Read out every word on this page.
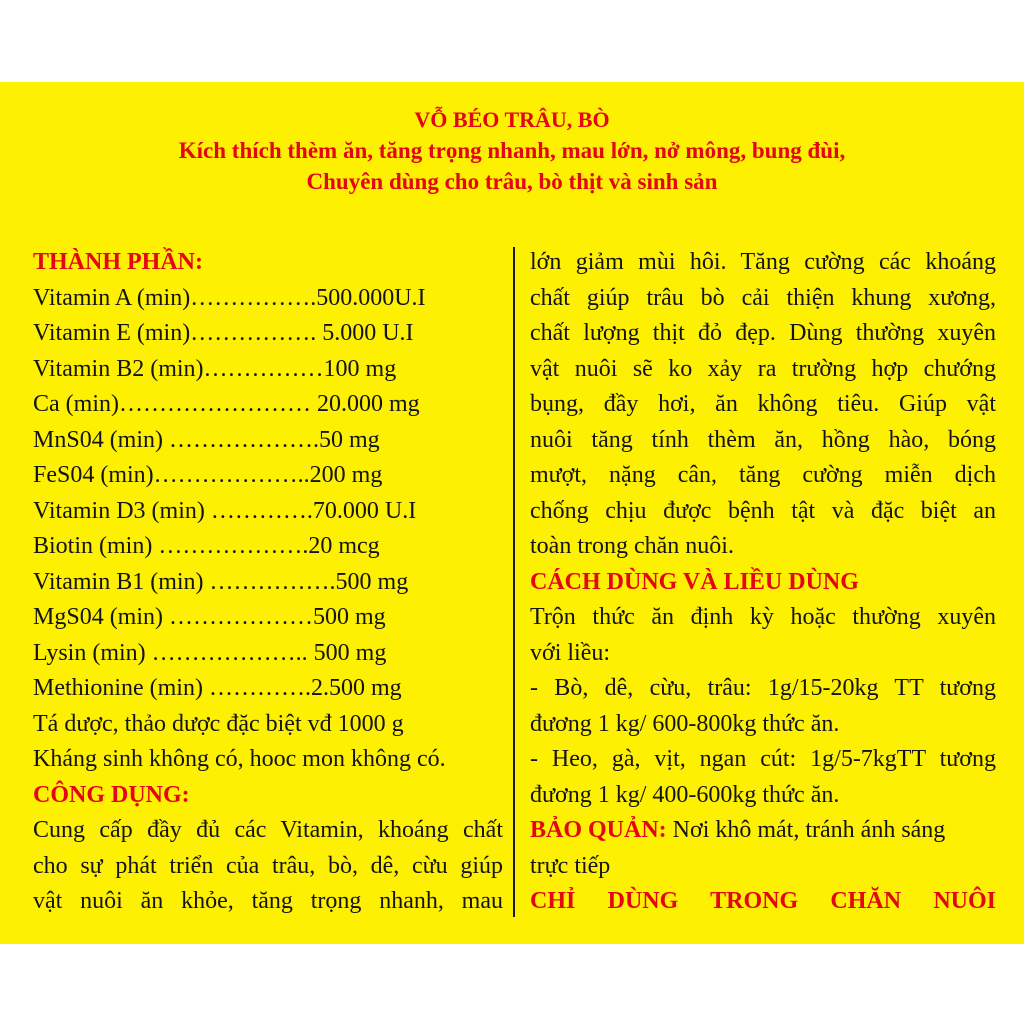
VỖ BÉO TRÂU, BÒ
Kích thích thèm ăn, tăng trọng nhanh, mau lớn, nở mông, bung đùi,
Chuyên dùng cho trâu, bò thịt và sinh sản
THÀNH PHẦN:
Vitamin A (min)…………….500.000U.I
Vitamin E (min)……………. 5.000 U.I
Vitamin B2 (min)……………100 mg
Ca (min)…………………… 20.000 mg
MnS04 (min) ……………….50 mg
FeS04 (min)………………..200 mg
Vitamin D3 (min) ………….70.000 U.I
Biotin (min) ……………….20 mcg
Vitamin B1 (min) …………….500 mg
MgS04 (min) ………………500 mg
Lysin (min) ……………….. 500 mg
Methionine (min) ………….2.500 mg
Tá dược, thảo dược đặc biệt vđ 1000 g
Kháng sinh không có, hooc mon không có.
CÔNG DỤNG:
Cung cấp đầy đủ các Vitamin, khoáng chất
cho sự phát triển của trâu, bò, dê, cừu giúp
vật nuôi ăn khỏe, tăng trọng nhanh, mau
lớn giảm mùi hôi. Tăng cường các khoáng
chất giúp trâu bò cải thiện khung xương,
chất lượng thịt đỏ đẹp. Dùng thường xuyên
vật nuôi sẽ ko xảy ra trường hợp chướng
bụng, đầy hơi, ăn không tiêu. Giúp vật
nuôi tăng tính thèm ăn, hồng hào, bóng
mượt, nặng cân, tăng cường miễn dịch
chống chịu được bệnh tật và đặc biệt an
toàn trong chăn nuôi.
CÁCH DÙNG VÀ LIỀU DÙNG
Trộn thức ăn định kỳ hoặc thường xuyên
với liều:
- Bò, dê, cừu, trâu: 1g/15-20kg TT tương
đương 1 kg/ 600-800kg thức ăn.
- Heo, gà, vịt, ngan cút: 1g/5-7kgTT tương
đương 1 kg/ 400-600kg thức ăn.
BẢO QUẢN: Nơi khô mát, tránh ánh sáng
trực tiếp
CHỈ DÙNG TRONG CHĂN NUÔI
